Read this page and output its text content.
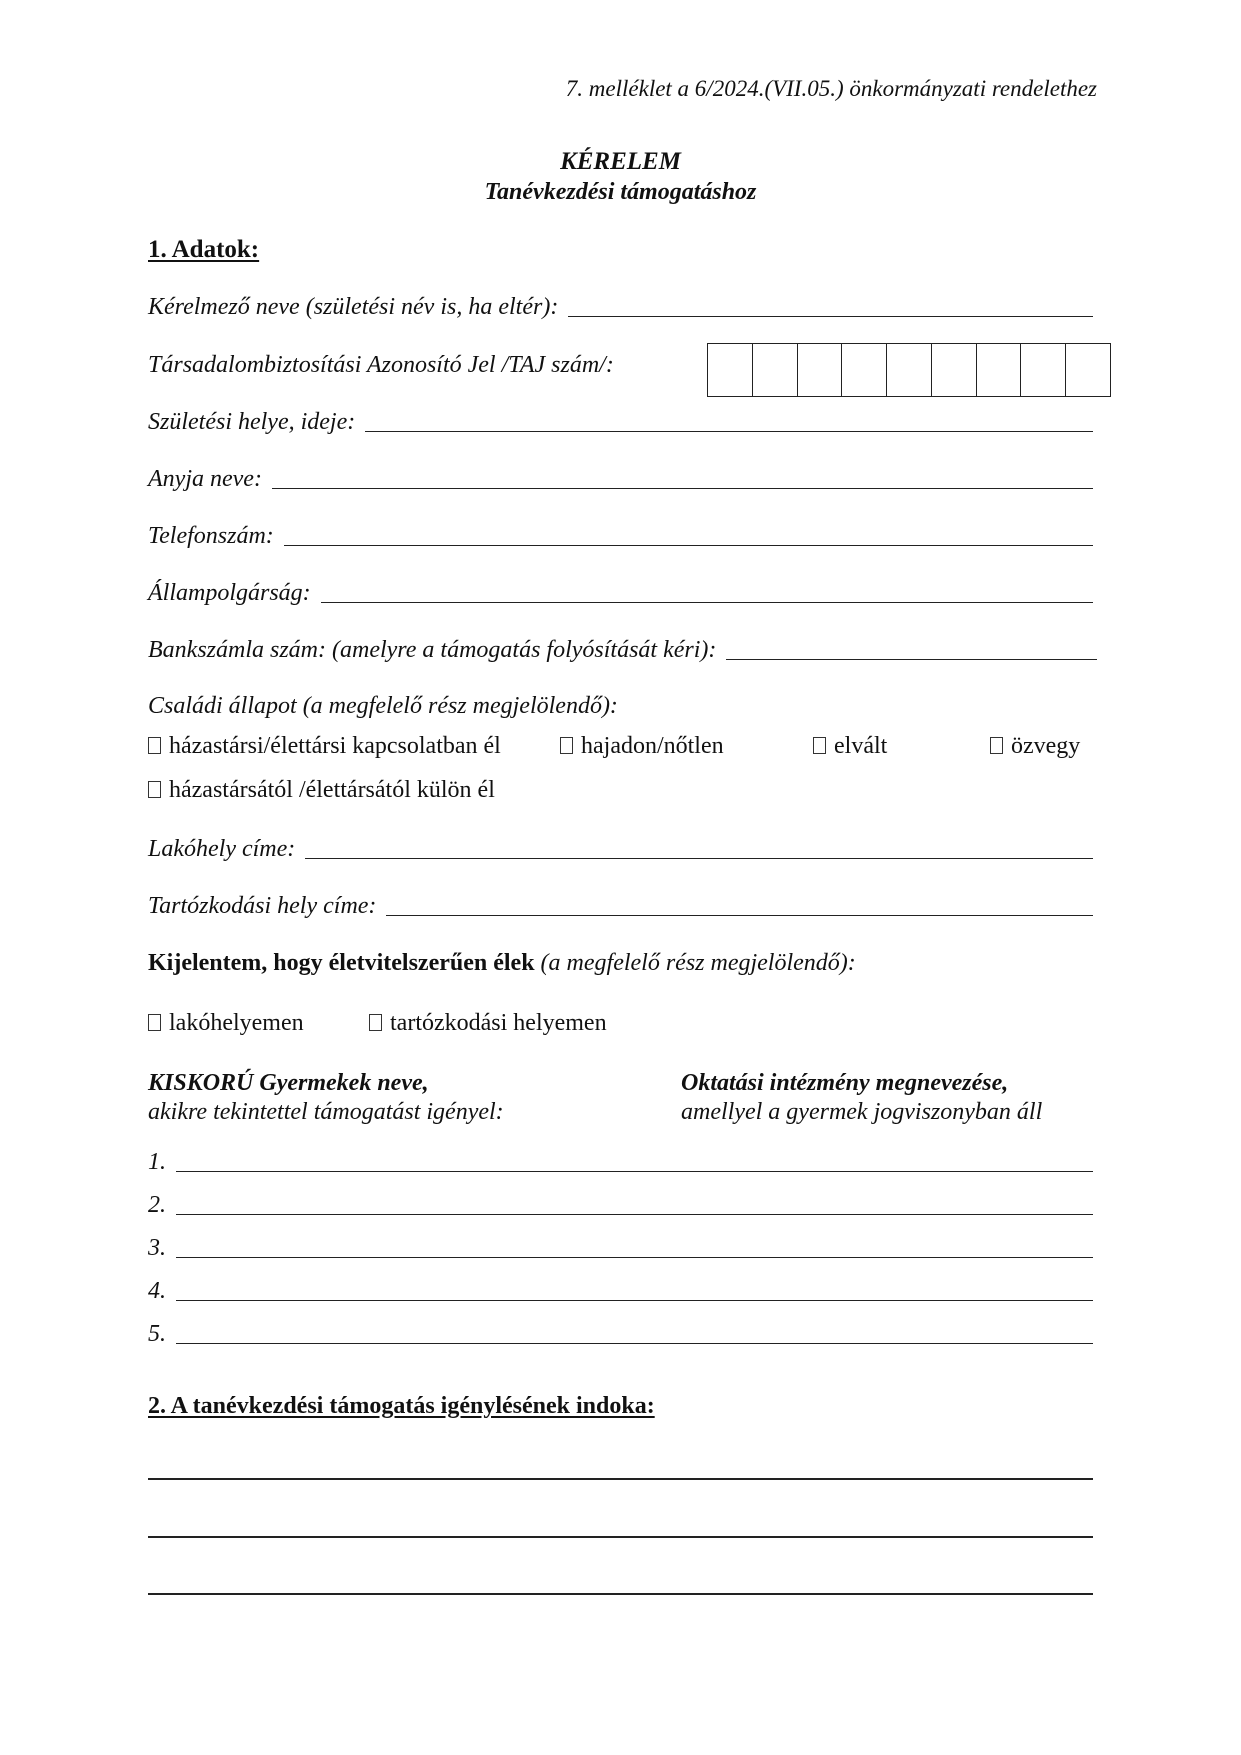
7. melléklet a 6/2024.(VII.05.) önkormányzati rendelethez
KÉRELEM
Tanévkezdési támogatáshoz
1. Adatok:
Kérelmező neve (születési név is, ha eltér):
Társadalombiztosítási Azonosító Jel /TAJ szám/:
Születési helye, ideje:
Anyja neve:
Telefonszám:
Állampolgárság:
Bankszámla szám: (amelyre a támogatás folyósítását kéri):
Családi állapot (a megfelelő rész megjelölendő):
házastársi/élettársi kapcsolatban él	hajadon/nőtlen	elvált	özvegy
házastársától /élettársától külön él
Lakóhely címe:
Tartózkodási hely címe:
Kijelentem, hogy életvitelszerűen élek (a megfelelő rész megjelölendő):
lakóhelyemen	tartózkodási helyemen
KISKORÚ Gyermekek neve,
akikre tekintettel támogatást igényel:
Oktatási intézmény megnevezése,
amellyel a gyermek jogviszonyban áll
1.
2.
3.
4.
5.
2. A tanévkezdési támogatás igénylésének indoka:
